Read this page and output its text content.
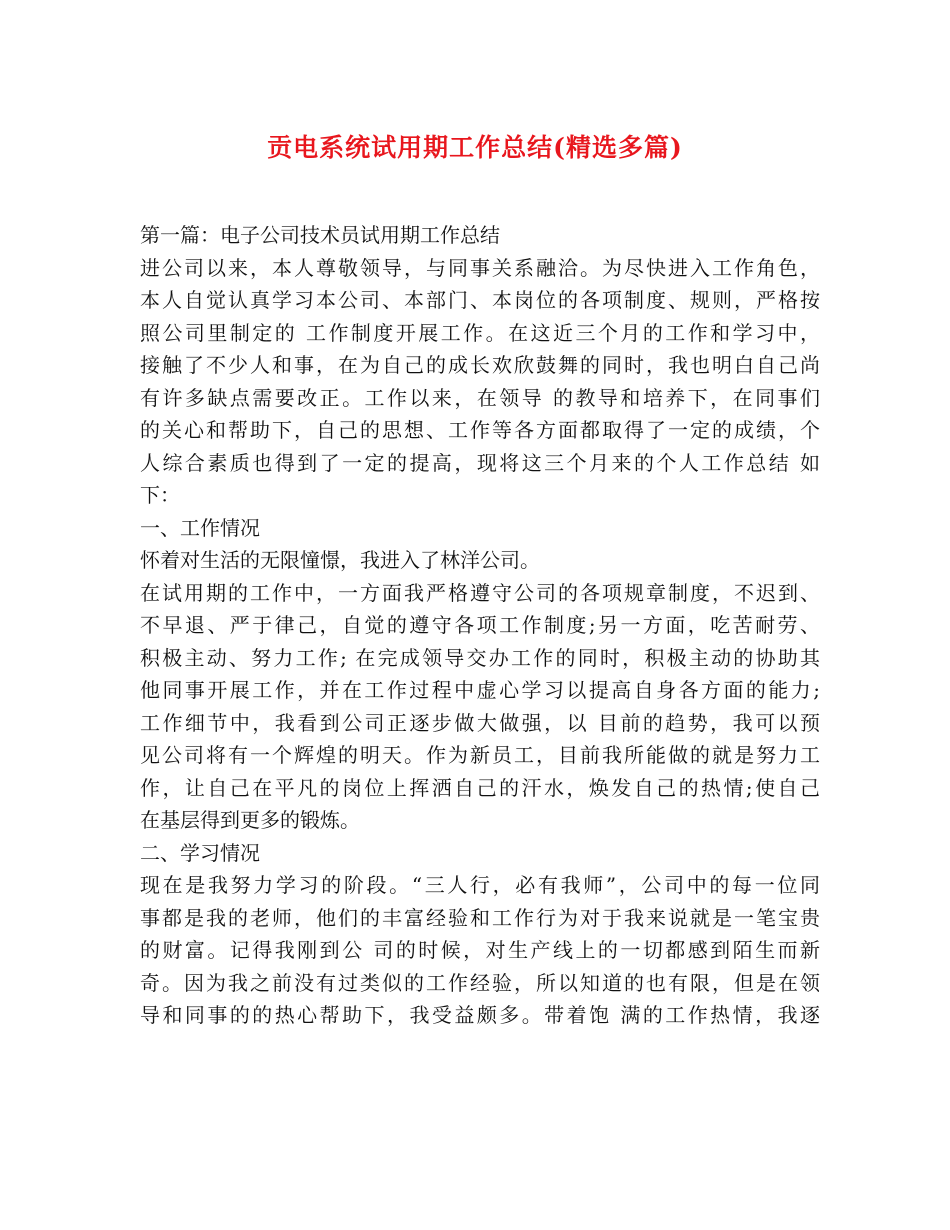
贡电系统试用期工作总结(精选多篇)
第一篇：电子公司技术员试用期工作总结
进公司以来，本人尊敬领导，与同事关系融洽。为尽快进入工作角色，
本人自觉认真学习本公司、本部门、本岗位的各项制度、规则，严格按
照公司里制定的 工作制度开展工作。在这近三个月的工作和学习中，
接触了不少人和事，在为自己的成长欢欣鼓舞的同时，我也明白自己尚
有许多缺点需要改正。工作以来，在领导 的教导和培养下，在同事们
的关心和帮助下，自己的思想、工作等各方面都取得了一定的成绩，个
人综合素质也得到了一定的提高，现将这三个月来的个人工作总结 如
下：
一、工作情况
怀着对生活的无限憧憬，我进入了林洋公司。
在试用期的工作中，一方面我严格遵守公司的各项规章制度，不迟到、
不早退、严于律己，自觉的遵守各项工作制度;另一方面，吃苦耐劳、
积极主动、努力工作; 在完成领导交办工作的同时，积极主动的协助其
他同事开展工作，并在工作过程中虚心学习以提高自身各方面的能力;
工作细节中，我看到公司正逐步做大做强，以 目前的趋势，我可以预
见公司将有一个辉煌的明天。作为新员工，目前我所能做的就是努力工
作，让自己在平凡的岗位上挥洒自己的汗水，焕发自己的热情;使自己
在基层得到更多的锻炼。
二、学习情况
现在是我努力学习的阶段。“三人行，必有我师”，公司中的每一位同
事都是我的老师，他们的丰富经验和工作行为对于我来说就是一笔宝贵
的财富。记得我刚到公 司的时候，对生产线上的一切都感到陌生而新
奇。因为我之前没有过类似的工作经验，所以知道的也有限，但是在领
导和同事的的热心帮助下，我受益颇多。带着饱 满的工作热情，我逐
